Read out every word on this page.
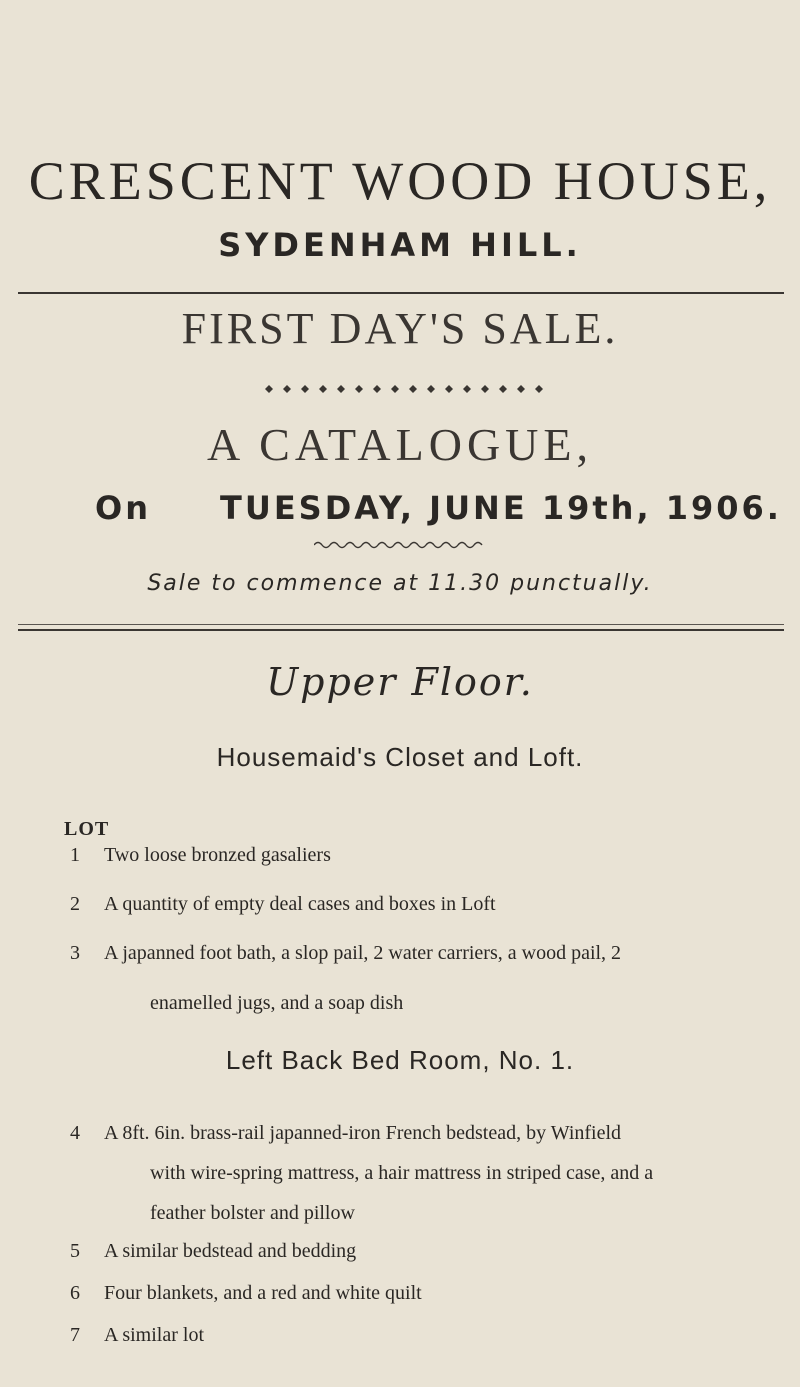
CRESCENT WOOD HOUSE,
SYDENHAM HILL.
FIRST DAY'S SALE.
A CATALOGUE,
On TUESDAY, JUNE 19th, 1906.
Sale to commence at 11.30 punctually.
Upper Floor.
Housemaid's Closet and Loft.
LOT
1 Two loose bronzed gasaliers
2 A quantity of empty deal cases and boxes in Loft
3 A japanned foot bath, a slop pail, 2 water carriers, a wood pail, 2
enamelled jugs, and a soap dish
Left Back Bed Room, No. 1.
4 A 8ft. 6in. brass-rail japanned-iron French bedstead, by Winfield
with wire-spring mattress, a hair mattress in striped case, and a
feather bolster and pillow
5 A similar bedstead and bedding
6 Four blankets, and a red and white quilt
7 A similar lot
